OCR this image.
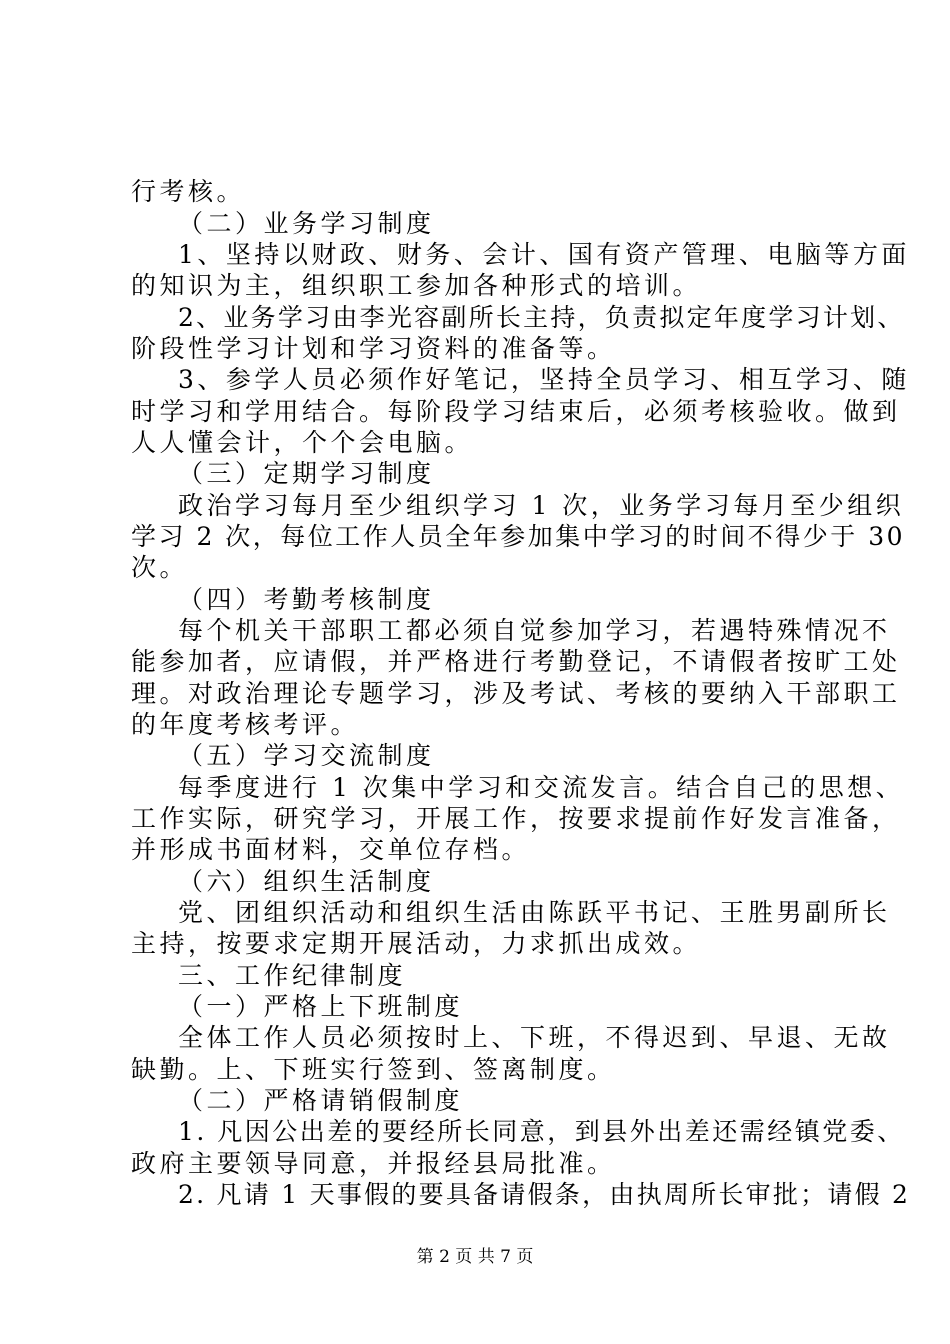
行考核。
（二）业务学习制度
1、坚持以财政、财务、会计、国有资产管理、电脑等方面
的知识为主，组织职工参加各种形式的培训。
2、业务学习由李光容副所长主持，负责拟定年度学习计划、
阶段性学习计划和学习资料的准备等。
3、参学人员必须作好笔记，坚持全员学习、相互学习、随
时学习和学用结合。每阶段学习结束后，必须考核验收。做到
人人懂会计，个个会电脑。
（三）定期学习制度
政治学习每月至少组织学习 1 次，业务学习每月至少组织
学习 2 次，每位工作人员全年参加集中学习的时间不得少于 30
次。
（四）考勤考核制度
每个机关干部职工都必须自觉参加学习，若遇特殊情况不
能参加者，应请假，并严格进行考勤登记，不请假者按旷工处
理。对政治理论专题学习，涉及考试、考核的要纳入干部职工
的年度考核考评。
（五）学习交流制度
每季度进行 1 次集中学习和交流发言。结合自己的思想、
工作实际，研究学习，开展工作，按要求提前作好发言准备，
并形成书面材料，交单位存档。
（六）组织生活制度
党、团组织活动和组织生活由陈跃平书记、王胜男副所长
主持，按要求定期开展活动，力求抓出成效。
三、工作纪律制度
（一）严格上下班制度
全体工作人员必须按时上、下班，不得迟到、早退、无故
缺勤。上、下班实行签到、签离制度。
（二）严格请销假制度
1. 凡因公出差的要经所长同意，到县外出差还需经镇党委、
政府主要领导同意，并报经县局批准。
2. 凡请 1 天事假的要具备请假条，由执周所长审批；请假 2
第 2 页 共 7 页
